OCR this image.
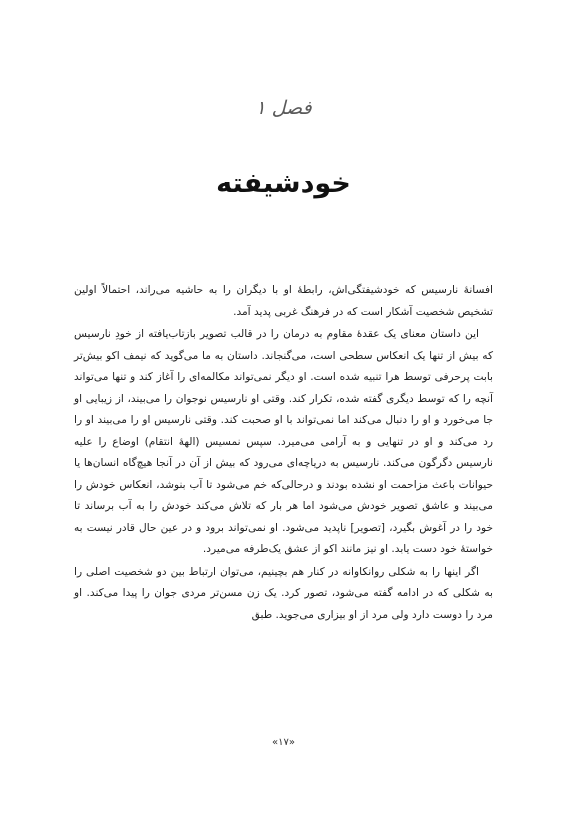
فصل ۱
خودشیفته

افسانهٔ نارسیس که خودشیفتگی‌اش، رابطهٔ او با دیگران را به حاشیه می‌راند، احتمالاً اولین تشخیص شخصیت آشکار است که در فرهنگ غربی پدید آمد.

این داستان معنای یک عقدهٔ مقاوم به درمان را در قالب تصویر بازتاب‌یافته از خودِ نارسیس که بیش از تنها یک انعکاس سطحی است، می‌گنجاند. داستان به ما می‌گوید که نیمف اکو بیش‌تر بابت پرحرفی توسط هرا تنبیه شده است. او دیگر نمی‌تواند مکالمه‌ای را آغاز کند و تنها می‌تواند آنچه را که توسط دیگری گفته شده، تکرار کند. وقتی او نارسیس نوجوان را می‌بیند، از زیبایی او جا می‌خورد و او را دنبال می‌کند اما نمی‌تواند با او صحبت کند. وقتی نارسیس او را می‌بیند او را رد می‌کند و او در تنهایی و به آرامی می‌میرد. سپس نمسیس (الههٔ انتقام) اوضاع را علیه نارسیس دگرگون می‌کند. نارسیس به دریاچه‌ای می‌رود که بیش از آن در آنجا هیچ‌گاه انسان‌ها یا حیوانات باعث مزاحمت او نشده بودند و درحالی‌که خم می‌شود تا آب بنوشد، انعکاس خودش را می‌بیند و عاشق تصویر خودش می‌شود اما هر بار که تلاش می‌کند خودش را به آب برساند تا خود را در آغوش بگیرد، [تصویر] ناپدید می‌شود. او نمی‌تواند برود و در عین حال قادر نیست به خواستهٔ خود دست یابد. او نیز مانند اکو از عشق یک‌طرفه می‌میرد.

اگر اینها را به شکلی روانکاوانه در کنار هم بچینیم، می‌توان ارتباط بین دو شخصیت اصلی را به شکلی که در ادامه گفته می‌شود، تصور کرد. یک زن مسن‌تر مردی جوان را پیدا می‌کند. او مرد را دوست دارد ولی مرد از او بیزاری می‌جوید. طبق

«۱۷»
